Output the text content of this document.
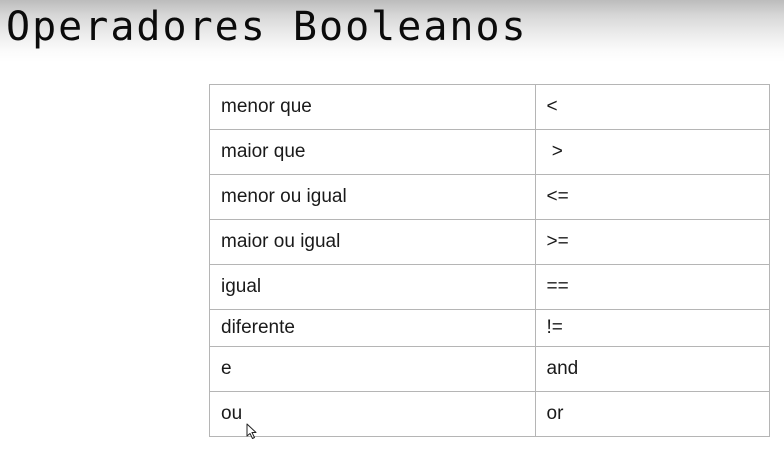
Operadores Booleanos
menor que	<
maior que	>
menor ou igual	<=
maior ou igual	>=
igual	==
diferente	!=
e	and
ou	or
